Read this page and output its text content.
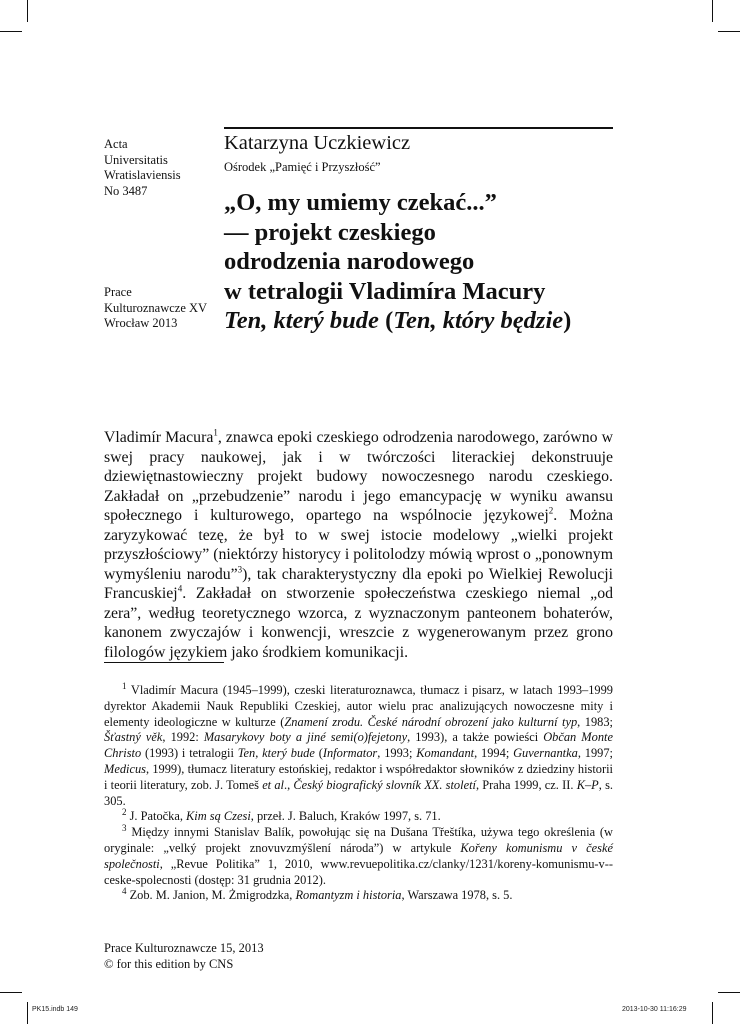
Acta
Universitatis
Wratislaviensis
No 3487
Prace
Kulturoznawcze XV
Wrocław 2013
Katarzyna Uczkiewicz
Ośrodek „Pamięć i Przyszłość”
„O, my umiemy czekać...”
— projekt czeskiego
odrodzenia narodowego
w tetralogii Vladimíra Macury
Ten, který bude (Ten, który będzie)

Vladimír Macura$^1$, znawca epoki czeskiego odrodzenia narodowego, zarówno w swej pracy naukowej, jak i w twórczości literackiej dekonstruuje dziewiętnastowieczny projekt budowy nowoczesnego narodu czeskiego. Zakładał on „przebudzenie” narodu i jego emancypację w wyniku awansu społecznego i kulturowego, opartego na wspólnocie językowej$^2$. Można zaryzykować tezę, że był to w swej istocie modelowy „wielki projekt przyszłościowy” (niektórzy historycy i politolodzy mówią wprost o „ponownym wymyśleniu narodu”$^3$), tak charakterystyczny dla epoki po Wielkiej Rewolucji Francuskiej$^4$. Zakładał on stworzenie społeczeństwa czeskiego niemal „od zera”, według teoretycznego wzorca, z wyznaczonym panteonem bohaterów, kanonem zwyczajów i konwencji, wreszcie z wygenerowanym przez grono filologów językiem jako środkiem komunikacji.

$^1$ Vladimír Macura (1945–1999), czeski literaturoznawca, tłumacz i pisarz, w latach 1993–1999 dyrektor Akademii Nauk Republiki Czeskiej, autor wielu prac analizujących nowoczesne mity i elementy ideologiczne w kulturze (Znamení zrodu. České národní obrození jako kulturní typ, 1983; Šťastný věk, 1992: Masarykovy boty a jiné semi(o)fejetony, 1993), a także powieści Občan Monte Christo (1993) i tetralogii Ten, který bude (Informator, 1993; Komandant, 1994; Guvernantka, 1997; Medicus, 1999), tłumacz literatury estońskiej, redaktor i współredaktor słowników z dziedziny historii i teorii literatury, zob. J. Tomeš et al., Český biografický slovník XX. století, Praha 1999, cz. II. K–P, s. 305.

$^2$ J. Patočka, Kim są Czesi, przeł. J. Baluch, Kraków 1997, s. 71.

$^3$ Między innymi Stanislav Balík, powołując się na Dušana Třeštíka, używa tego określenia (w oryginale: „velký projekt znovuvzmýšlení národa”) w artykule Kořeny komunismu v české společnosti, „Revue Politika” 1, 2010, www.revuepolitika.cz/clanky/1231/koreny-komunismu-v--ceske-spolecnosti (dostęp: 31 grudnia 2012).

$^4$ Zob. M. Janion, M. Żmigrodzka, Romantyzm i historia, Warszawa 1978, s. 5.

Prace Kulturoznawcze 15, 2013
© for this edition by CNS
PK15.indb 149	2013-10-30 11:16:29
